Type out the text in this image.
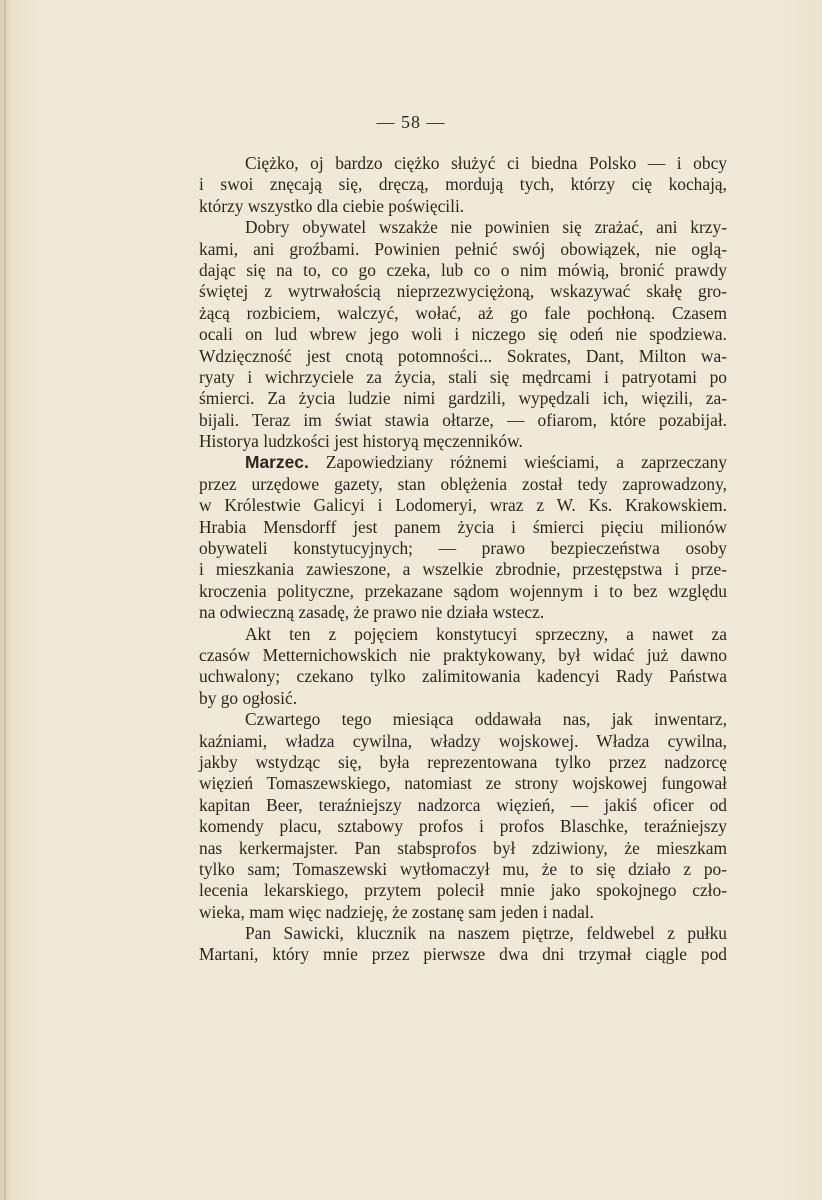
— 58 —

Ciężko, oj bardzo ciężko służyć ci biedna Polsko — i obcy
i swoi znęcają się, dręczą, mordują tych, którzy cię kochają,
którzy wszystko dla ciebie poświęcili.

Dobry obywatel wszakże nie powinien się zrażać, ani krzy-
kami, ani groźbami. Powinien pełnić swój obowiązek, nie oglą-
dając się na to, co go czeka, lub co o nim mówią, bronić prawdy
świętej z wytrwałością nieprzezwyciężoną, wskazywać skałę gro-
żącą rozbiciem, walczyć, wołać, aż go fale pochłoną. Czasem
ocali on lud wbrew jego woli i niczego się odeń nie spodziewa.
Wdzięczność jest cnotą potomności... Sokrates, Dant, Milton wa-
ryaty i wichrzyciele za życia, stali się mędrcami i patryotami po
śmierci. Za życia ludzie nimi gardzili, wypędzali ich, więzili, za-
bijali. Teraz im świat stawia ołtarze, — ofiarom, które pozabijał.
Historya ludzkości jest historyą męczenników.

Marzec. Zapowiedziany różnemi wieściami, a zaprzeczany
przez urzędowe gazety, stan oblężenia został tedy zaprowadzony,
w Królestwie Galicyi i Lodomeryi, wraz z W. Ks. Krakowskiem.
Hrabia Mensdorff jest panem życia i śmierci pięciu milionów
obywateli konstytucyjnych; — prawo bezpieczeństwa osoby
i mieszkania zawieszone, a wszelkie zbrodnie, przestępstwa i prze-
kroczenia polityczne, przekazane sądom wojennym i to bez względu
na odwieczną zasadę, że prawo nie działa wstecz.

Akt ten z pojęciem konstytucyi sprzeczny, a nawet za
czasów Metternichowskich nie praktykowany, był widać już dawno
uchwalony; czekano tylko zalimitowania kadencyi Rady Państwa
by go ogłosić.

Czwartego tego miesiąca oddawała nas, jak inwentarz,
kaźniami, władza cywilna, władzy wojskowej. Władza cywilna,
jakby wstydząc się, była reprezentowana tylko przez nadzorcę
więzień Tomaszewskiego, natomiast ze strony wojskowej fungował
kapitan Beer, teraźniejszy nadzorca więzień, — jakiś oficer od
komendy placu, sztabowy profos i profos Blaschke, teraźniejszy
nas kerkermajster. Pan stabsprofos był zdziwiony, że mieszkam
tylko sam; Tomaszewski wytłomaczył mu, że to się działo z po-
lecenia lekarskiego, przytem polecił mnie jako spokojnego czło-
wieka, mam więc nadzieję, że zostanę sam jeden i nadal.

Pan Sawicki, klucznik na naszem piętrze, feldwebel z pułku
Martani, który mnie przez pierwsze dwa dni trzymał ciągle pod
